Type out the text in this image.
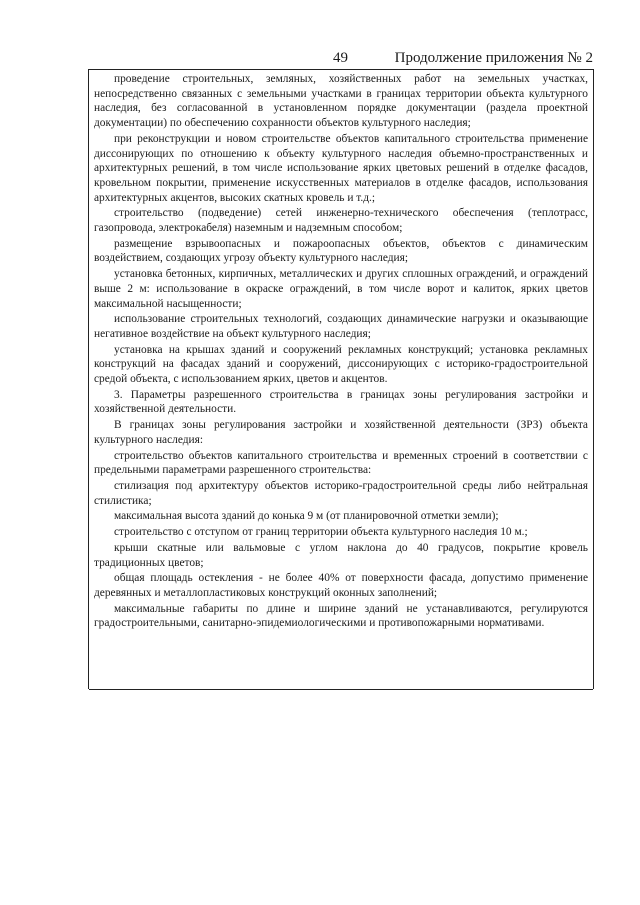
49	Продолжение приложения № 2

проведение строительных, земляных, хозяйственных работ на земельных участках, непосредственно связанных с земельными участками в границах территории объекта культурного наследия, без согласованной в установленном порядке документации (раздела проектной документации) по обеспечению сохранности объектов культурного наследия;

при реконструкции и новом строительстве объектов капитального строительства применение диссонирующих по отношению к объекту культурного наследия объемно-пространственных и архитектурных решений, в том числе использование ярких цветовых решений в отделке фасадов, кровельном покрытии, применение искусственных материалов в отделке фасадов, использования архитектурных акцентов, высоких скатных кровель и т.д.;

строительство (подведение) сетей инженерно-технического обеспечения (теплотрасс, газопровода, электрокабеля) наземным и надземным способом;

размещение взрывоопасных и пожароопасных объектов, объектов с динамическим воздействием, создающих угрозу объекту культурного наследия;

установка бетонных, кирпичных, металлических и других сплошных ограждений, и ограждений выше 2 м: использование в окраске ограждений, в том числе ворот и калиток, ярких цветов максимальной насыщенности;

использование строительных технологий, создающих динамические нагрузки и оказывающие негативное воздействие на объект культурного наследия;

установка на крышах зданий и сооружений рекламных конструкций; установка рекламных конструкций на фасадах зданий и сооружений, диссонирующих с историко-градостроительной средой объекта, с использованием ярких, цветов и акцентов.

3. Параметры разрешенного строительства в границах зоны регулирования застройки и хозяйственной деятельности.

В границах зоны регулирования застройки и хозяйственной деятельности (ЗРЗ) объекта культурного наследия:

строительство объектов капитального строительства и временных строений в соответствии с предельными параметрами разрешенного строительства:

стилизация под архитектуру объектов историко-градостроительной среды либо нейтральная стилистика;

максимальная высота зданий до конька 9 м (от планировочной отметки земли);

строительство с отступом от границ территории объекта культурного наследия 10 м.;

крыши скатные или вальмовые с углом наклона до 40 градусов, покрытие кровель традиционных цветов;

общая площадь остекления - не более 40% от поверхности фасада, допустимо применение деревянных и металлопластиковых конструкций оконных заполнений;

максимальные габариты по длине и ширине зданий не устанавливаются, регулируются градостроительными, санитарно-эпидемиологическими и противопожарными нормативами.
